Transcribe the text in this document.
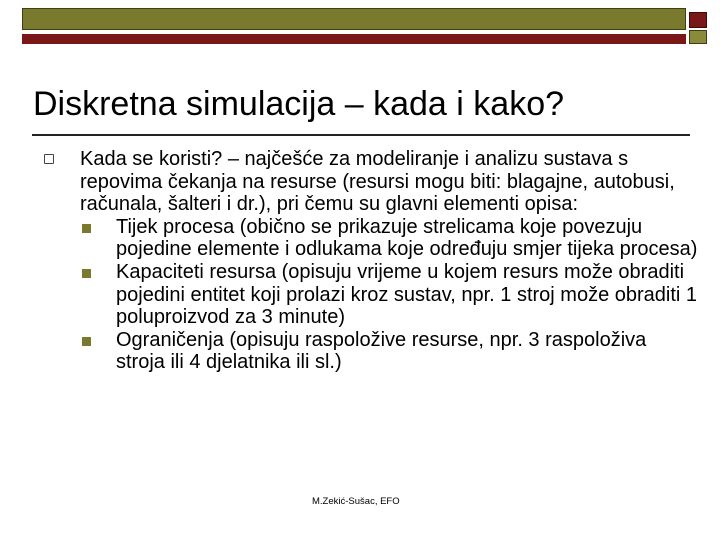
Diskretna simulacija – kada i kako?

Kada se koristi? – najčešće za modeliranje i analizu sustava s repovima čekanja na resurse (resursi mogu biti: blagajne, autobusi, računala, šalteri i dr.), pri čemu su glavni elementi opisa:

Tijek procesa (obično se prikazuje strelicama koje povezuju pojedine elemente i odlukama koje određuju smjer tijeka procesa)
Kapaciteti resursa (opisuju vrijeme u kojem resurs može obraditi pojedini entitet koji prolazi kroz sustav, npr. 1 stroj može obraditi 1 poluproizvod za 3 minute)
Ograničenja (opisuju raspoložive resurse, npr. 3 raspoloživa stroja ili 4 djelatnika ili sl.)
M.Zekić-Sušac, EFO
